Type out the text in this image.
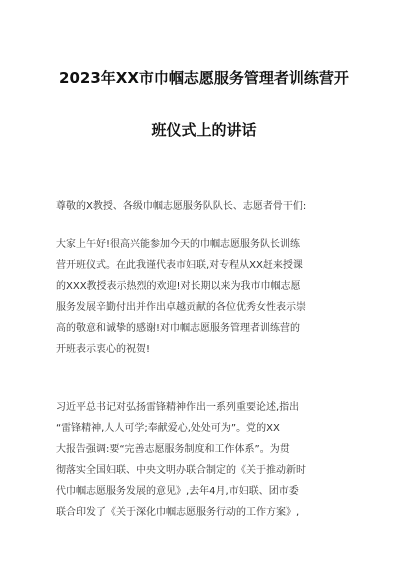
2023年XX市巾帼志愿服务管理者训练营开
班仪式上的讲话
尊敬的X教授、各级巾帼志愿服务队队长、志愿者骨干们:
大家上午好!很高兴能参加今天的巾帼志愿服务队长训练
营开班仪式。在此我谨代表市妇联,对专程从XX赶来授课
的XXX教授表示热烈的欢迎!对长期以来为我市巾帼志愿
服务发展辛勤付出并作出卓越贡献的各位优秀女性表示崇
高的敬意和诚挚的感谢!对巾帼志愿服务管理者训练营的
开班表示衷心的祝贺!
习近平总书记对弘扬雷锋精神作出一系列重要论述,指出
“雷锋精神,人人可学;奉献爱心,处处可为”。党的XX
大报告强调:要“完善志愿服务制度和工作体系”。为贯
彻落实全国妇联、中央文明办联合制定的《关于推动新时
代巾帼志愿服务发展的意见》,去年4月,市妇联、团市委
联合印发了《关于深化巾帼志愿服务行动的工作方案》,
